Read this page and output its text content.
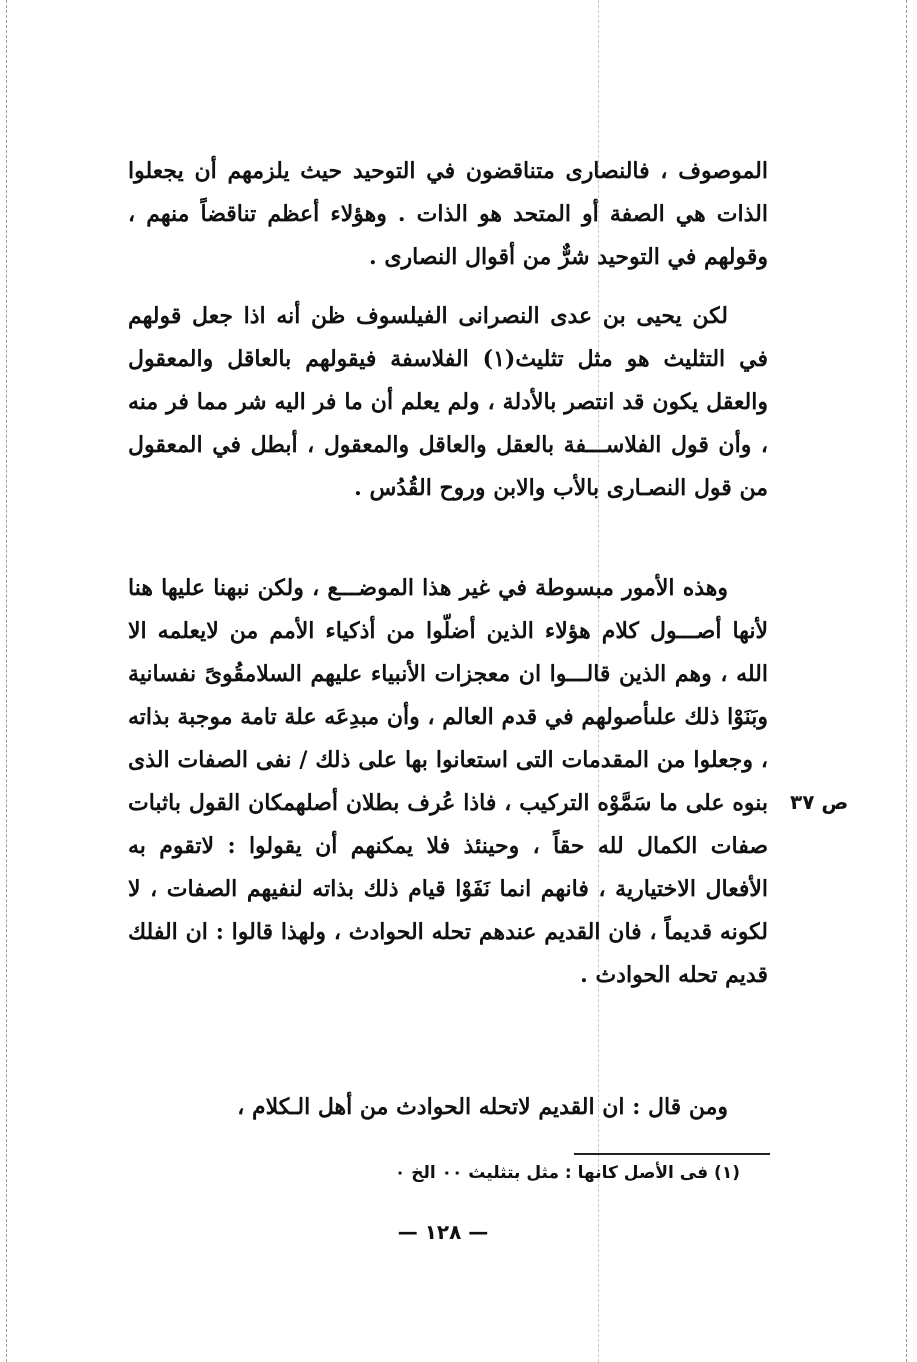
الموصوف ، فالنصارى متناقضون في التوحيد حيث يلزمهم أن يجعلوا الذات هي الصفة أو المتحد هو الذات . وهؤلاء أعظم تناقضاً منهم ، وقولهم في التوحيد شرٌّ من أقوال النصارى .

لكن يحيى بن عدى النصرانى الفيلسوف ظن أنه اذا جعل قولهم في التثليث هو مثل تثليث(١) الفلاسفة فيقولهم بالعاقل والمعقول والعقل يكون قد انتصر بالأدلة ، ولم يعلم أن ما فر اليه شر مما فر منه ، وأن قول الفلاســـفة بالعقل والعاقل والمعقول ، أبطل في المعقول من قول النصـارى بالأب والابن وروح القُدُس .

وهذه الأمور مبسوطة في غير هذا الموضـــع ، ولكن نبهنا عليها هنا لأنها أصـــول كلام هؤلاء الذين أضلّوا من أذكياء الأمم من لايعلمه الا الله ، وهم الذين قالـــوا ان معجزات الأنبياء عليهم السلامقُوىً نفسانية وبَنَوْا ذلك علىأصولهم في قدم العالم ، وأن مبدِعَه علة تامة موجبة بذاته ، وجعلوا من المقدمات التى استعانوا بها على ذلك / نفى الصفات الذى بنوه على ما سَمَّوْه التركيب ، فاذا عُرف بطلان أصلهمكان القول باثبات صفات الكمال لله حقاً ، وحينئذ فلا يمكنهم أن يقولوا : لاتقوم به الأفعال الاختيارية ، فانهم انما نَفَوْا قيام ذلك بذاته لنفيهم الصفات ، لا لكونه قديماً ، فان القديم عندهم تحله الحوادث ، ولهذا قالوا : ان الفلك قديم تحله الحوادث .

ص ٣٧

ومن قال : ان القديم لاتحله الحوادث من أهل الـكلام ،

(١) فى الأصل كانها : مثل بتثليث ٠٠ الخ ٠
— ١٢٨ —
